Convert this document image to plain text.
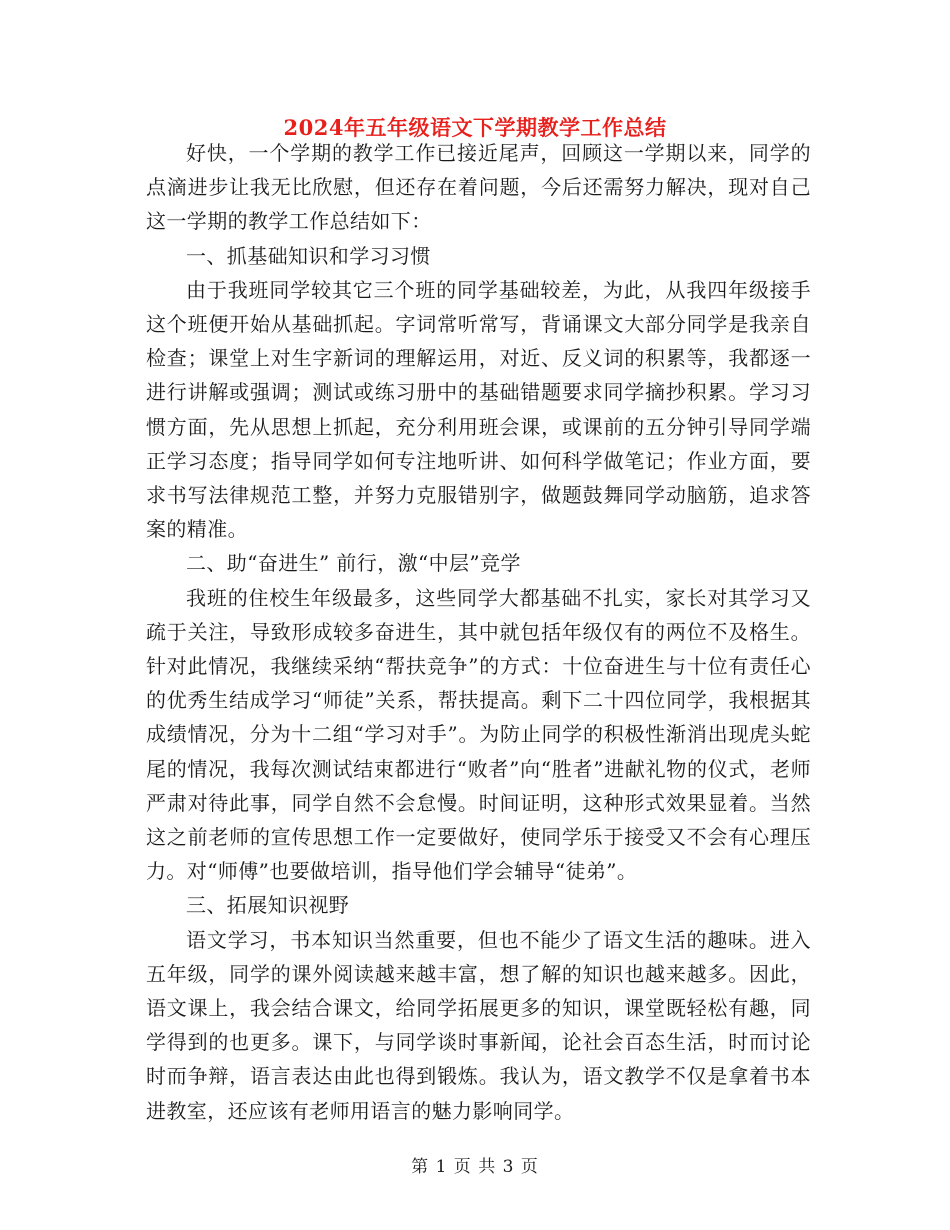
2024年五年级语文下学期教学工作总结

好快，一个学期的教学工作已接近尾声，回顾这一学期以来，同学的点滴进步让我无比欣慰，但还存在着问题，今后还需努力解决，现对自己这一学期的教学工作总结如下：

一、抓基础知识和学习习惯

由于我班同学较其它三个班的同学基础较差，为此，从我四年级接手这个班便开始从基础抓起。字词常听常写，背诵课文大部分同学是我亲自检查；课堂上对生字新词的理解运用，对近、反义词的积累等，我都逐一进行讲解或强调；测试或练习册中的基础错题要求同学摘抄积累。学习习惯方面，先从思想上抓起，充分利用班会课，或课前的五分钟引导同学端正学习态度；指导同学如何专注地听讲、如何科学做笔记；作业方面，要求书写法律规范工整，并努力克服错别字，做题鼓舞同学动脑筋，追求答案的精准。

二、助“奋进生” 前行，激“中层”竞学

我班的住校生年级最多，这些同学大都基础不扎实，家长对其学习又疏于关注，导致形成较多奋进生，其中就包括年级仅有的两位不及格生。针对此情况，我继续采纳“帮扶竞争”的方式：十位奋进生与十位有责任心的优秀生结成学习“师徒”关系，帮扶提高。剩下二十四位同学，我根据其成绩情况，分为十二组“学习对手”。为防止同学的积极性渐消出现虎头蛇尾的情况，我每次测试结束都进行“败者”向“胜者”进献礼物的仪式，老师严肃对待此事，同学自然不会怠慢。时间证明，这种形式效果显着。当然这之前老师的宣传思想工作一定要做好，使同学乐于接受又不会有心理压力。对“师傅”也要做培训，指导他们学会辅导“徒弟”。

三、拓展知识视野

语文学习，书本知识当然重要，但也不能少了语文生活的趣味。进入五年级，同学的课外阅读越来越丰富，想了解的知识也越来越多。因此，语文课上，我会结合课文，给同学拓展更多的知识，课堂既轻松有趣，同学得到的也更多。课下，与同学谈时事新闻，论社会百态生活，时而讨论时而争辩，语言表达由此也得到锻炼。我认为，语文教学不仅是拿着书本进教室，还应该有老师用语言的魅力影响同学。

第 1 页 共 3 页
